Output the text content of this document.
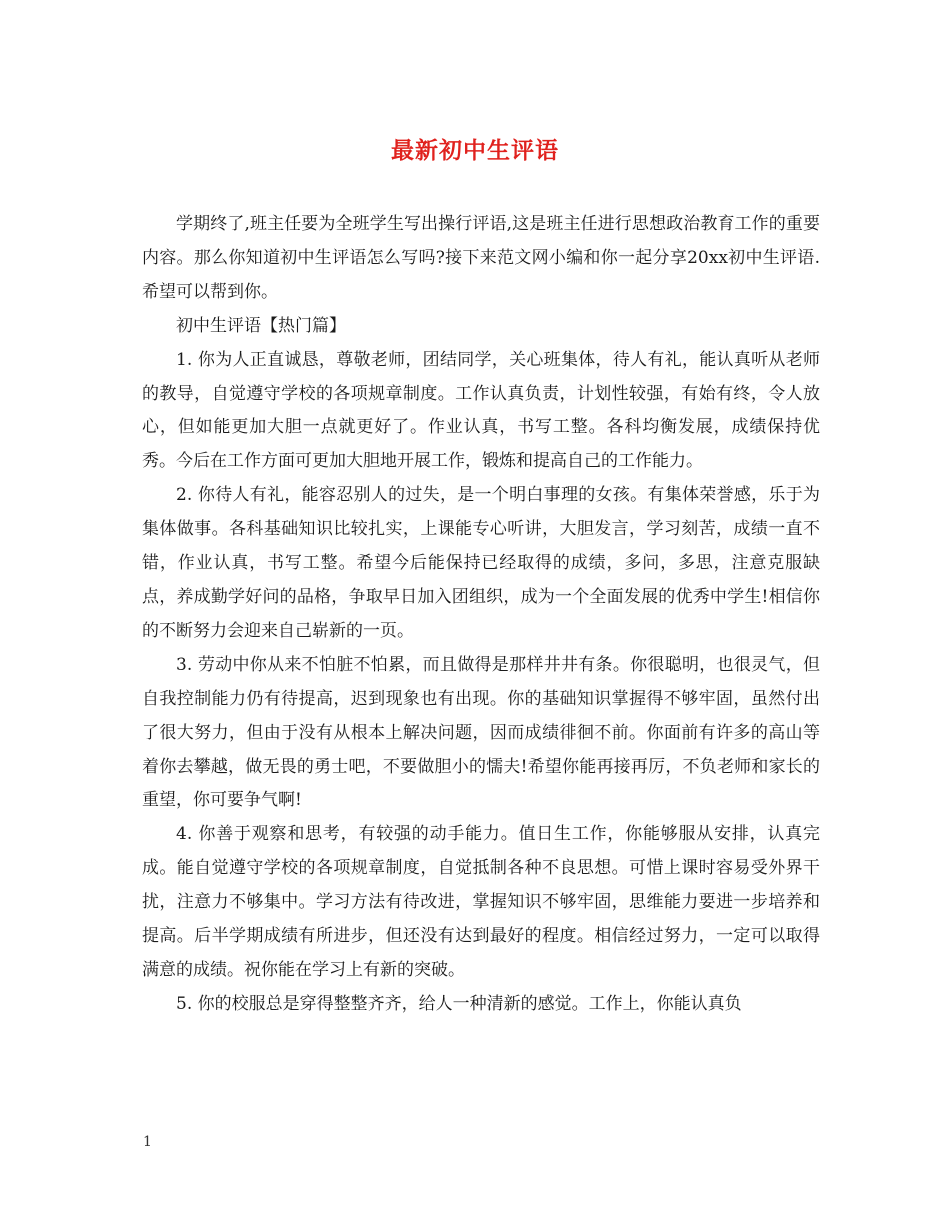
最新初中生评语

学期终了,班主任要为全班学生写出操行评语,这是班主任进行思想政治教育工作的重要内容。那么你知道初中生评语怎么写吗?接下来范文网小编和你一起分享20xx初中生评语.希望可以帮到你。

初中生评语【热门篇】

1. 你为人正直诚恳，尊敬老师，团结同学，关心班集体，待人有礼，能认真听从老师的教导，自觉遵守学校的各项规章制度。工作认真负责，计划性较强，有始有终，令人放心，但如能更加大胆一点就更好了。作业认真，书写工整。各科均衡发展，成绩保持优秀。今后在工作方面可更加大胆地开展工作，锻炼和提高自己的工作能力。

2. 你待人有礼，能容忍别人的过失，是一个明白事理的女孩。有集体荣誉感，乐于为集体做事。各科基础知识比较扎实，上课能专心听讲，大胆发言，学习刻苦，成绩一直不错，作业认真，书写工整。希望今后能保持已经取得的成绩，多问，多思，注意克服缺点，养成勤学好问的品格，争取早日加入团组织，成为一个全面发展的优秀中学生!相信你的不断努力会迎来自己崭新的一页。

3. 劳动中你从来不怕脏不怕累，而且做得是那样井井有条。你很聪明，也很灵气，但自我控制能力仍有待提高，迟到现象也有出现。你的基础知识掌握得不够牢固，虽然付出了很大努力，但由于没有从根本上解决问题，因而成绩徘徊不前。你面前有许多的高山等着你去攀越，做无畏的勇士吧，不要做胆小的懦夫!希望你能再接再厉，不负老师和家长的重望，你可要争气啊!

4. 你善于观察和思考，有较强的动手能力。值日生工作，你能够服从安排，认真完成。能自觉遵守学校的各项规章制度，自觉抵制各种不良思想。可惜上课时容易受外界干扰，注意力不够集中。学习方法有待改进，掌握知识不够牢固，思维能力要进一步培养和提高。后半学期成绩有所进步，但还没有达到最好的程度。相信经过努力，一定可以取得满意的成绩。祝你能在学习上有新的突破。

5. 你的校服总是穿得整整齐齐，给人一种清新的感觉。工作上，你能认真负

1
